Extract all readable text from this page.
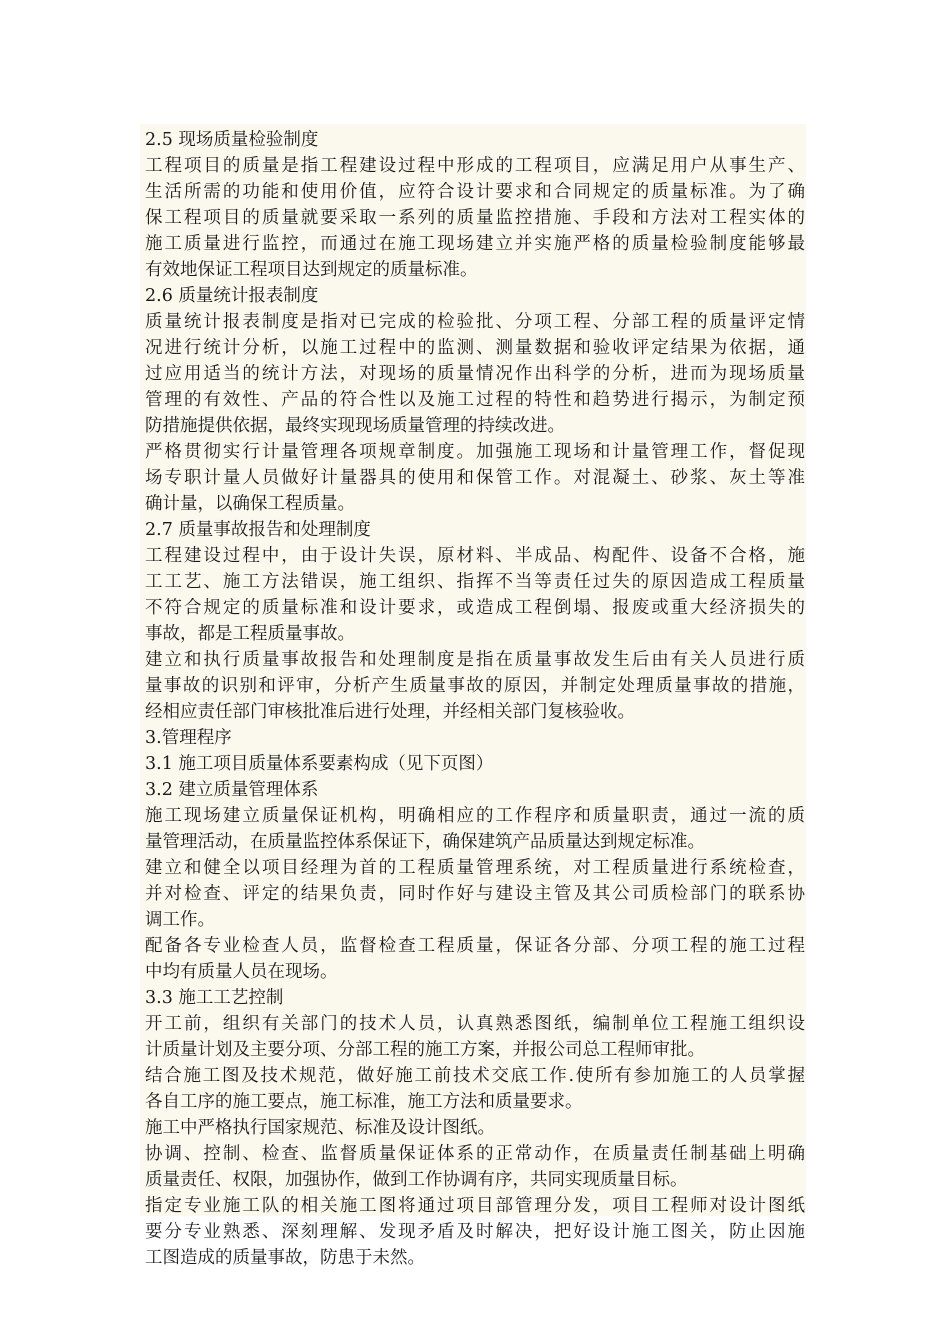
2.5 现场质量检验制度
工程项目的质量是指工程建设过程中形成的工程项目，应满足用户从事生产、
生活所需的功能和使用价值，应符合设计要求和合同规定的质量标准。为了确
保工程项目的质量就要采取一系列的质量监控措施、手段和方法对工程实体的
施工质量进行监控，而通过在施工现场建立并实施严格的质量检验制度能够最
有效地保证工程项目达到规定的质量标准。
2.6 质量统计报表制度
质量统计报表制度是指对已完成的检验批、分项工程、分部工程的质量评定情
况进行统计分析，以施工过程中的监测、测量数据和验收评定结果为依据，通
过应用适当的统计方法，对现场的质量情况作出科学的分析，进而为现场质量
管理的有效性、产品的符合性以及施工过程的特性和趋势进行揭示，为制定预
防措施提供依据，最终实现现场质量管理的持续改进。
严格贯彻实行计量管理各项规章制度。加强施工现场和计量管理工作，督促现
场专职计量人员做好计量器具的使用和保管工作。对混凝土、砂浆、灰土等准
确计量，以确保工程质量。
2.7 质量事故报告和处理制度
工程建设过程中，由于设计失误，原材料、半成品、构配件、设备不合格，施
工工艺、施工方法错误，施工组织、指挥不当等责任过失的原因造成工程质量
不符合规定的质量标准和设计要求，或造成工程倒塌、报废或重大经济损失的
事故，都是工程质量事故。
建立和执行质量事故报告和处理制度是指在质量事故发生后由有关人员进行质
量事故的识别和评审，分析产生质量事故的原因，并制定处理质量事故的措施，
经相应责任部门审核批准后进行处理，并经相关部门复核验收。
3.管理程序
3.1 施工项目质量体系要素构成（见下页图）
3.2 建立质量管理体系
施工现场建立质量保证机构，明确相应的工作程序和质量职责，通过一流的质
量管理活动，在质量监控体系保证下，确保建筑产品质量达到规定标准。
建立和健全以项目经理为首的工程质量管理系统，对工程质量进行系统检查，
并对检查、评定的结果负责，同时作好与建设主管及其公司质检部门的联系协
调工作。
配备各专业检查人员，监督检查工程质量，保证各分部、分项工程的施工过程
中均有质量人员在现场。
3.3 施工工艺控制
开工前，组织有关部门的技术人员，认真熟悉图纸，编制单位工程施工组织设
计质量计划及主要分项、分部工程的施工方案，并报公司总工程师审批。
结合施工图及技术规范，做好施工前技术交底工作.使所有参加施工的人员掌握
各自工序的施工要点，施工标准，施工方法和质量要求。
施工中严格执行国家规范、标准及设计图纸。
协调、控制、检查、监督质量保证体系的正常动作，在质量责任制基础上明确
质量责任、权限，加强协作，做到工作协调有序，共同实现质量目标。
指定专业施工队的相关施工图将通过项目部管理分发，项目工程师对设计图纸
要分专业熟悉、深刻理解、发现矛盾及时解决，把好设计施工图关，防止因施
工图造成的质量事故，防患于未然。
